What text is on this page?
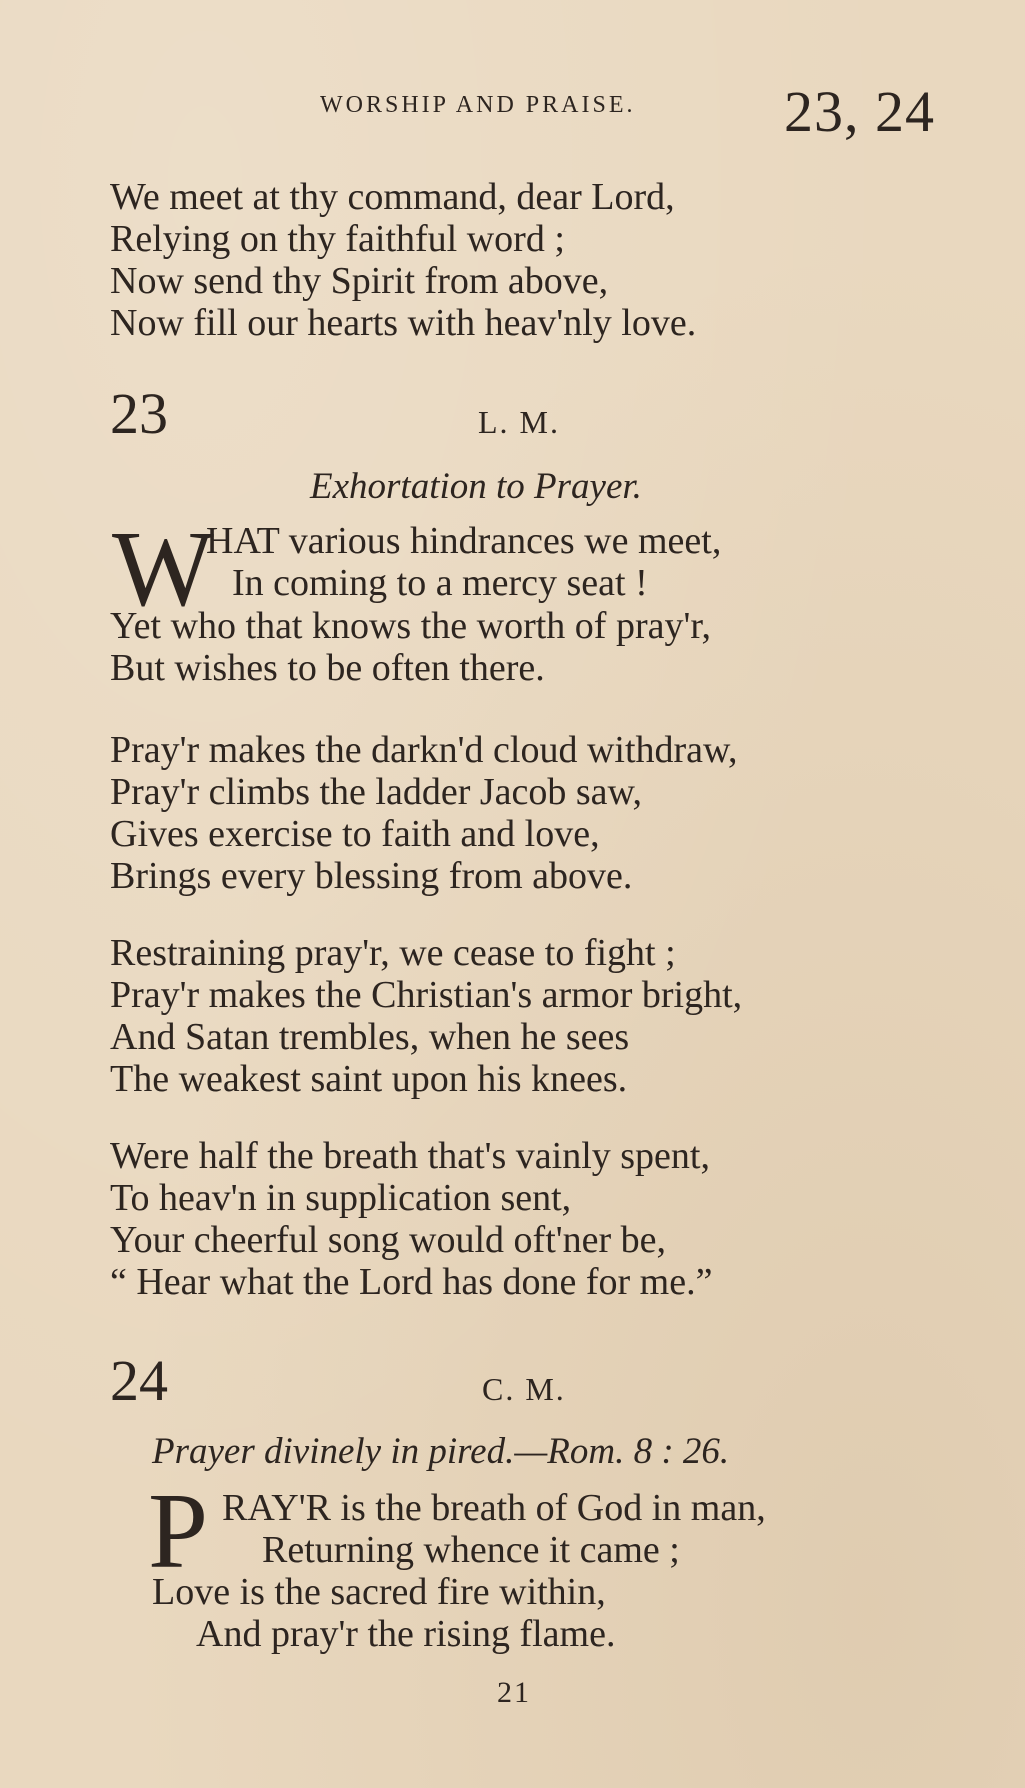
WORSHIP AND PRAISE.	23, 24
We meet at thy command, dear Lord,
Relying on thy faithful word ;
Now send thy Spirit from above,
Now fill our hearts with heav'nly love.
23	L. M.
Exhortation to Prayer.
W
HAT various hindrances we meet,
In coming to a mercy seat !
Yet who that knows the worth of pray'r,
But wishes to be often there.
Pray'r makes the darkn'd cloud withdraw,
Pray'r climbs the ladder Jacob saw,
Gives exercise to faith and love,
Brings every blessing from above.
Restraining pray'r, we cease to fight ;
Pray'r makes the Christian's armor bright,
And Satan trembles, when he sees
The weakest saint upon his knees.
Were half the breath that's vainly spent,
To heav'n in supplication sent,
Your cheerful song would oft'ner be,
“ Hear what the Lord has done for me.”
24	C. M.
Prayer divinely in pired.—Rom. 8 : 26.
P RAY'R is the breath of God in man,
Returning whence it came ;
Love is the sacred fire within,
And pray'r the rising flame.
21
